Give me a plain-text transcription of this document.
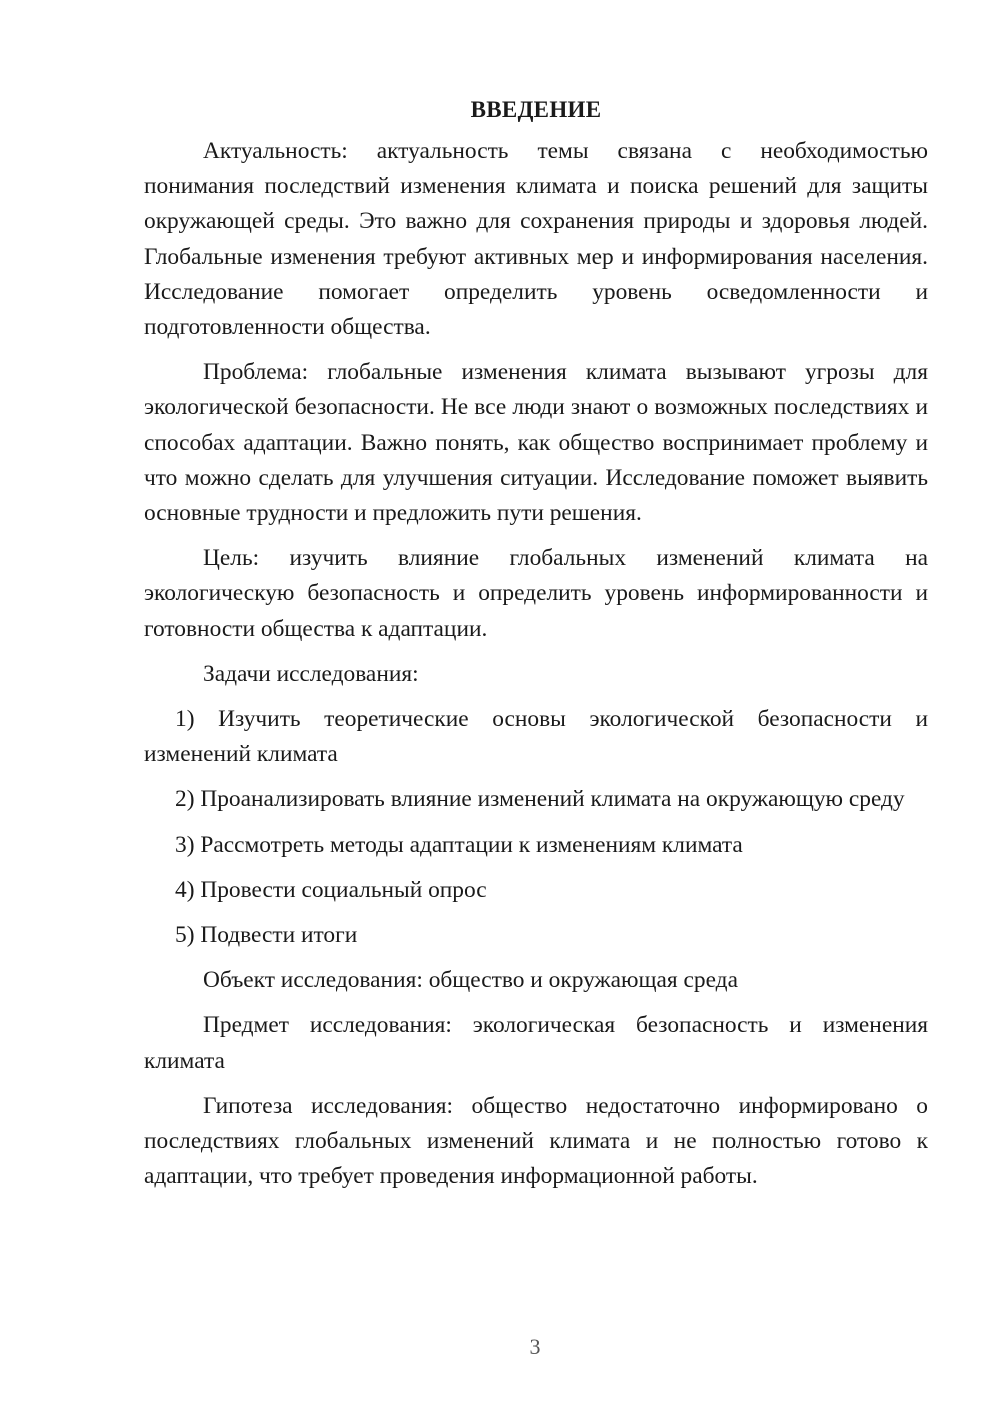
ВВЕДЕНИЕ
Актуальность: актуальность темы связана с необходимостью понимания последствий изменения климата и поиска решений для защиты окружающей среды. Это важно для сохранения природы и здоровья людей. Глобальные изменения требуют активных мер и информирования населения. Исследование помогает определить уровень осведомленности и подготовленности общества.
Проблема: глобальные изменения климата вызывают угрозы для экологической безопасности. Не все люди знают о возможных последствиях и способах адаптации. Важно понять, как общество воспринимает проблему и что можно сделать для улучшения ситуации. Исследование поможет выявить основные трудности и предложить пути решения.
Цель: изучить влияние глобальных изменений климата на экологическую безопасность и определить уровень информированности и готовности общества к адаптации.
Задачи исследования:
1) Изучить теоретические основы экологической безопасности и изменений климата
2) Проанализировать влияние изменений климата на окружающую среду
3) Рассмотреть методы адаптации к изменениям климата
4) Провести социальный опрос
5) Подвести итоги
Объект исследования: общество и окружающая среда
Предмет исследования: экологическая безопасность и изменения климата
Гипотеза исследования: общество недостаточно информировано о последствиях глобальных изменений климата и не полностью готово к адаптации, что требует проведения информационной работы.
3
